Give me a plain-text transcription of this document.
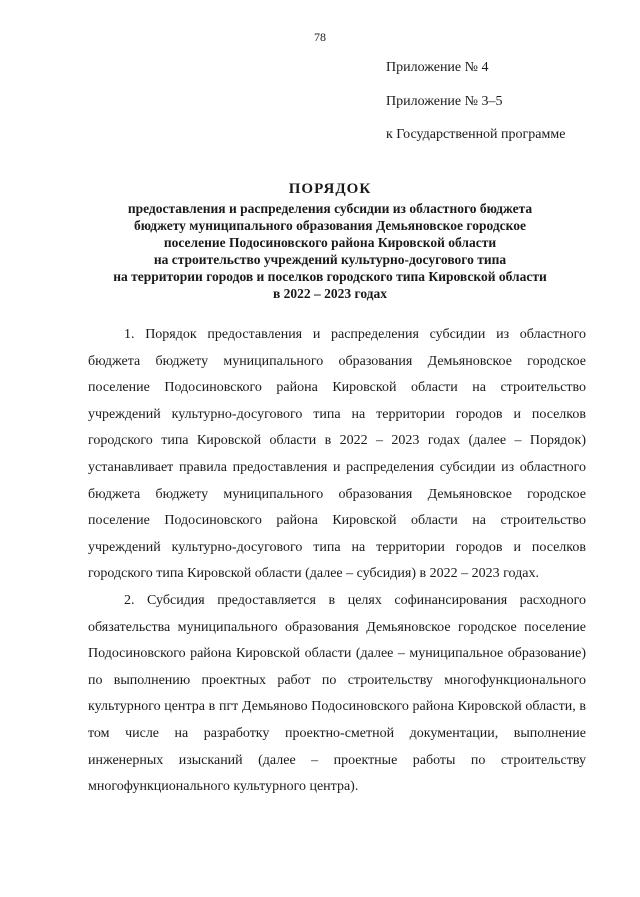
78
Приложение № 4
Приложение № 3–5
к Государственной программе
ПОРЯДОК
предоставления и распределения субсидии из областного бюджета
бюджету муниципального образования Демьяновское городское
поселение Подосиновского района Кировской области
на строительство учреждений культурно-досугового типа
на территории городов и поселков городского типа Кировской области
в 2022 – 2023 годах

1. Порядок предоставления и распределения субсидии из областного бюджета бюджету муниципального образования Демьяновское городское поселение Подосиновского района Кировской области на строительство учреждений культурно-досугового типа на территории городов и поселков городского типа Кировской области в 2022 – 2023 годах (далее – Порядок) устанавливает правила предоставления и распределения субсидии из областного бюджета бюджету муниципального образования Демьяновское городское поселение Подосиновского района Кировской области на строительство учреждений культурно-досугового типа на территории городов и поселков городского типа Кировской области (далее – субсидия) в 2022 – 2023 годах.

2. Субсидия предоставляется в целях софинансирования расходного обязательства муниципального образования Демьяновское городское поселение Подосиновского района Кировской области (далее – муниципальное образование) по выполнению проектных работ по строительству многофункционального культурного центра в пгт Демьяново Подосиновского района Кировской области, в том числе на разработку проектно-сметной документации, выполнение инженерных изысканий (далее – проектные работы по строительству многофункционального культурного центра).
